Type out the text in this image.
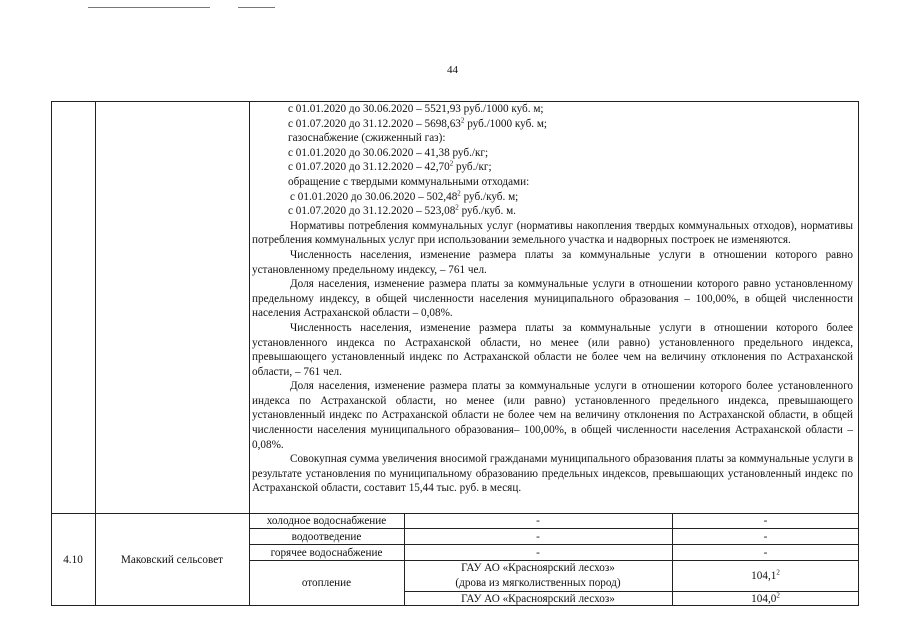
44

с 01.01.2020 до 30.06.2020 – 5521,93 руб./1000 куб. м;

с 01.07.2020 до 31.12.2020 – 5698,63$^2$ руб./1000 куб. м;

газоснабжение (сжиженный газ):

с 01.01.2020 до 30.06.2020 – 41,38 руб./кг;

с 01.07.2020 до 31.12.2020 – 42,70$^2$ руб./кг;

обращение с твердыми коммунальными отходами:

с 01.01.2020 до 30.06.2020 – 502,48$^2$ руб./куб. м;

с 01.07.2020 до 31.12.2020 – 523,08$^2$ руб./куб. м.

Нормативы потребления коммунальных услуг (нормативы накопления твердых коммунальных отходов), нормативы потребления коммунальных услуг при использовании земельного участка и надворных построек не изменяются.

Численность населения, изменение размера платы за коммунальные услуги в отношении которого равно установленному предельному индексу, – 761 чел.

Доля населения, изменение размера платы за коммунальные услуги в отношении которого равно установленному предельному индексу, в общей численности населения муниципального образования – 100,00%, в общей численности населения Астраханской области – 0,08%.

Численность населения, изменение размера платы за коммунальные услуги в отношении которого более установленного индекса по Астраханской области, но менее (или равно) установленного предельного индекса, превышающего установленный индекс по Астраханской области не более чем на величину отклонения по Астраханской области, – 761 чел.

Доля населения, изменение размера платы за коммунальные услуги в отношении которого более установленного индекса по Астраханской области, но менее (или равно) установленного предельного индекса, превышающего установленный индекс по Астраханской области не более чем на величину отклонения по Астраханской области, в общей численности населения муниципального образования– 100,00%, в общей численности населения Астраханской области – 0,08%.

Совокупная сумма увеличения вносимой гражданами муниципального образования платы за коммунальные услуги в результате установления по муниципальному образованию предельных индексов, превышающих установленный индекс по Астраханской области, составит 15,44 тыс. руб. в месяц.

4.10	Маковский сельсовет
холодное водоснабжение
водоотведение
горячее водоснабжение
отопление
-
-
-
-
-
-
ГАУ АО «Красноярский лесхоз»
(дрова из мягколиственных пород)
104,1$^2$
ГАУ АО «Красноярский лесхоз»	104,0$^2$
